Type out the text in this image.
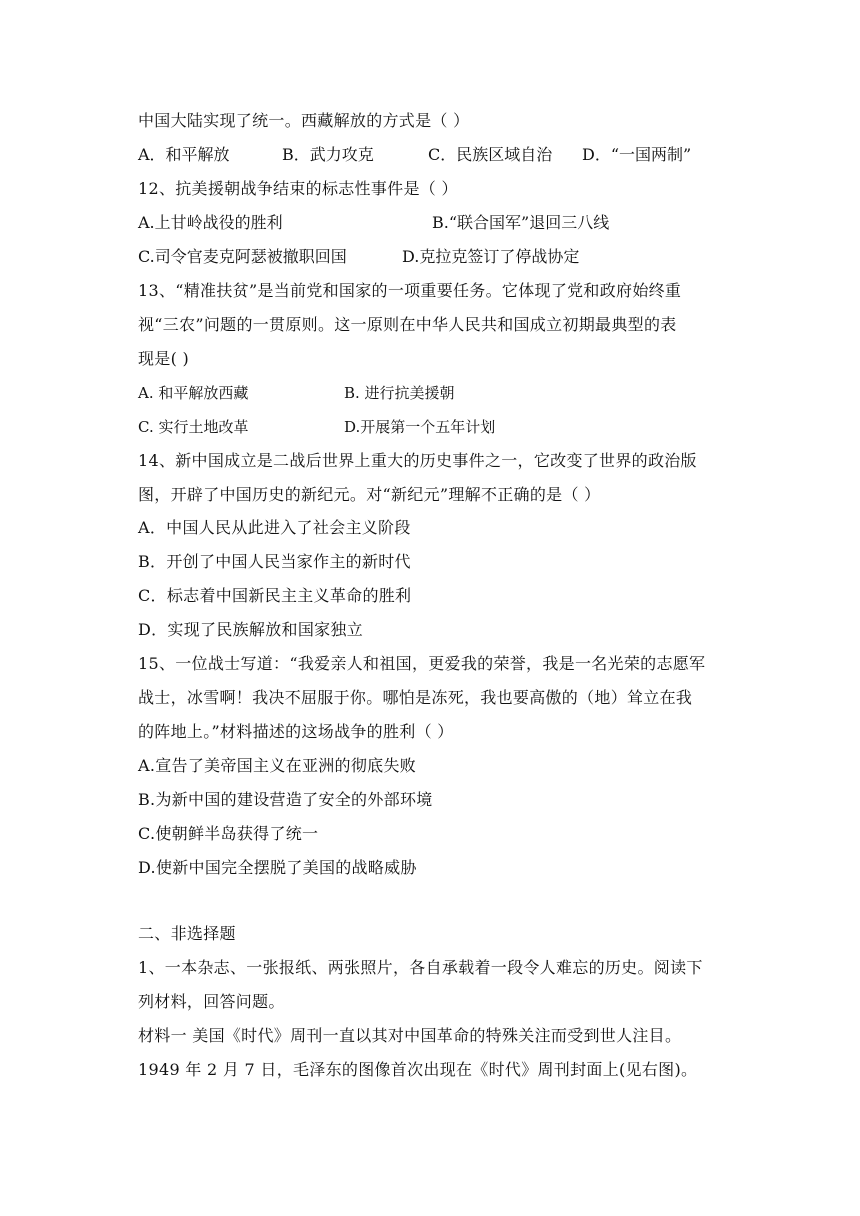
中国大陆实现了统一。西藏解放的方式是（ ）
A．和平解放	B．武力攻克	C．民族区域自治 D．“一国两制”
12、抗美援朝战争结束的标志性事件是（ ）
A.上甘岭战役的胜利	B.“联合国军”退回三八线
C.司令官麦克阿瑟被撤职回国	D.克拉克签订了停战协定
13、“精准扶贫”是当前党和国家的一项重要任务。它体现了党和政府始终重
视“三农”问题的一贯原则。这一原则在中华人民共和国成立初期最典型的表
现是( )
A. 和平解放西藏	B. 进行抗美援朝
C. 实行土地改革	D.开展第一个五年计划
14、新中国成立是二战后世界上重大的历史事件之一，它改变了世界的政治版
图，开辟了中国历史的新纪元。对“新纪元”理解不正确的是（ ）
A．中国人民从此进入了社会主义阶段
B．开创了中国人民当家作主的新时代
C．标志着中国新民主主义革命的胜利
D．实现了民族解放和国家独立
15、一位战士写道：“我爱亲人和祖国，更爱我的荣誉，我是一名光荣的志愿军
战士，冰雪啊！我决不屈服于你。哪怕是冻死，我也要高傲的（地）耸立在我
的阵地上。”材料描述的这场战争的胜利（ ）
A.宣告了美帝国主义在亚洲的彻底失败
B.为新中国的建设营造了安全的外部环境
C.使朝鲜半岛获得了统一
D.使新中国完全摆脱了美国的战略威胁
二、非选择题
1、一本杂志、一张报纸、两张照片，各自承载着一段令人难忘的历史。阅读下
列材料，回答问题。
材料一 美国《时代》周刊一直以其对中国革命的特殊关注而受到世人注目。
1949 年 2 月 7 日，毛泽东的图像首次出现在《时代》周刊封面上(见右图)。
